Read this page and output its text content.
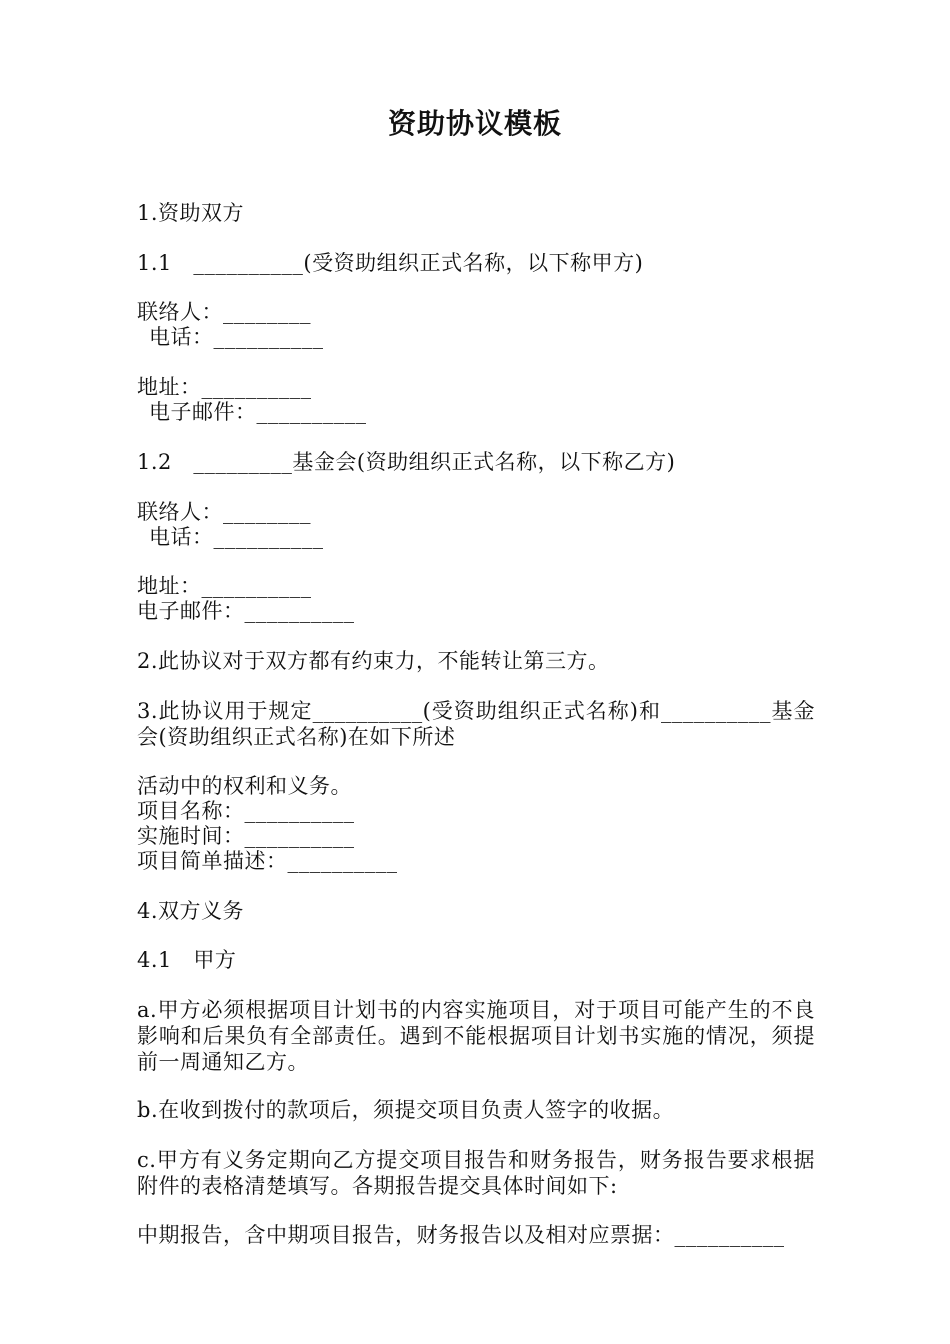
资助协议模板
1.资助双方
1.1   __________(受资助组织正式名称，以下称甲方)
联络人：________
电话：__________
地址：__________
电子邮件：__________
1.2   _________基金会(资助组织正式名称，以下称乙方)
联络人：________
电话：__________
地址：__________
电子邮件：__________
2.此协议对于双方都有约束力，不能转让第三方。
3.此协议用于规定__________(受资助组织正式名称)和__________基金会(资助组织正式名称)在如下所述
活动中的权利和义务。
项目名称：__________
实施时间：__________
项目简单描述：__________
4.双方义务
4.1   甲方
a.甲方必须根据项目计划书的内容实施项目，对于项目可能产生的不良影响和后果负有全部责任。遇到不能根据项目计划书实施的情况，须提前一周通知乙方。
b.在收到拨付的款项后，须提交项目负责人签字的收据。
c.甲方有义务定期向乙方提交项目报告和财务报告，财务报告要求根据附件的表格清楚填写。各期报告提交具体时间如下:
中期报告，含中期项目报告，财务报告以及相对应票据：__________
